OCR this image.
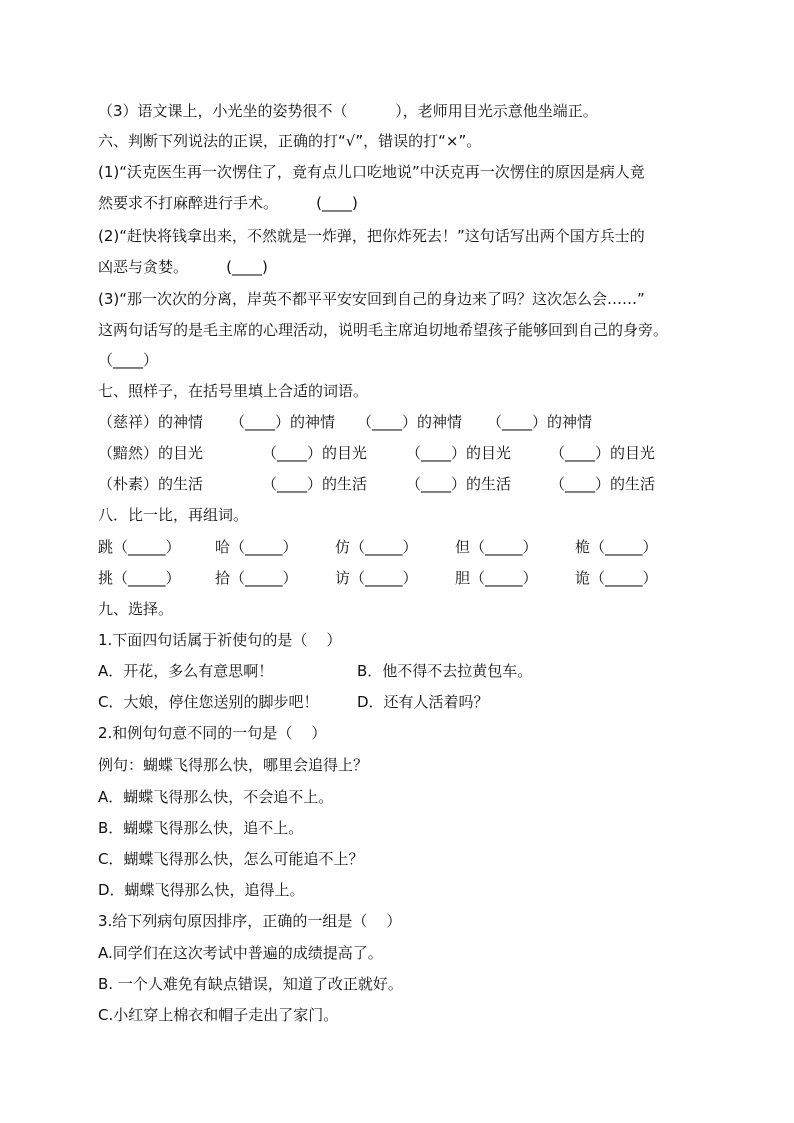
（3）语文课上，小光坐的姿势很不（          ），老师用目光示意他坐端正。
六、判断下列说法的正误，正确的打“√”，错误的打“×”。
(1)“沃克医生再一次愣住了，竟有点儿口吃地说”中沃克再一次愣住的原因是病人竟
然要求不打麻醉进行手术。        (____)
(2)“赶快将钱拿出来，不然就是一炸弹，把你炸死去！”这句话写出两个国方兵士的
凶恶与贪婪。        (____)
(3)“那一次次的分离，岸英不都平平安安回到自己的身边来了吗？这次怎么会……”
这两句话写的是毛主席的心理活动，说明毛主席迫切地希望孩子能够回到自己的身旁。
（____）
七、照样子，在括号里填上合适的词语。
（慈祥）的神情 （____）的神情 （____）的神情 （____）的神情
（黯然）的目光	（____）的目光	（____）的目光	（____）的目光
（朴素）的生活	（____）的生活	（____）的生活	（____）的生活
八．比一比，再组词。
跳（_____） 哈（_____） 仿（_____） 但（_____） 桅（_____）
挑（_____） 拾（_____） 访（_____） 胆（_____） 诡（_____）
九、选择。
1.下面四句话属于祈使句的是（    ）
A．开花，多么有意思啊！	B．他不得不去拉黄包车。
C．大娘，停住您送别的脚步吧！	D．还有人活着吗？
2.和例句句意不同的一句是（    ）
例句：蝴蝶飞得那么快，哪里会追得上？
A．蝴蝶飞得那么快，不会追不上。
B．蝴蝶飞得那么快，追不上。
C．蝴蝶飞得那么快，怎么可能追不上？
D．蝴蝶飞得那么快，追得上。
3.给下列病句原因排序，正确的一组是（    ）
A.同学们在这次考试中普遍的成绩提高了。
B. 一个人难免有缺点错误，知道了改正就好。
C.小红穿上棉衣和帽子走出了家门。
